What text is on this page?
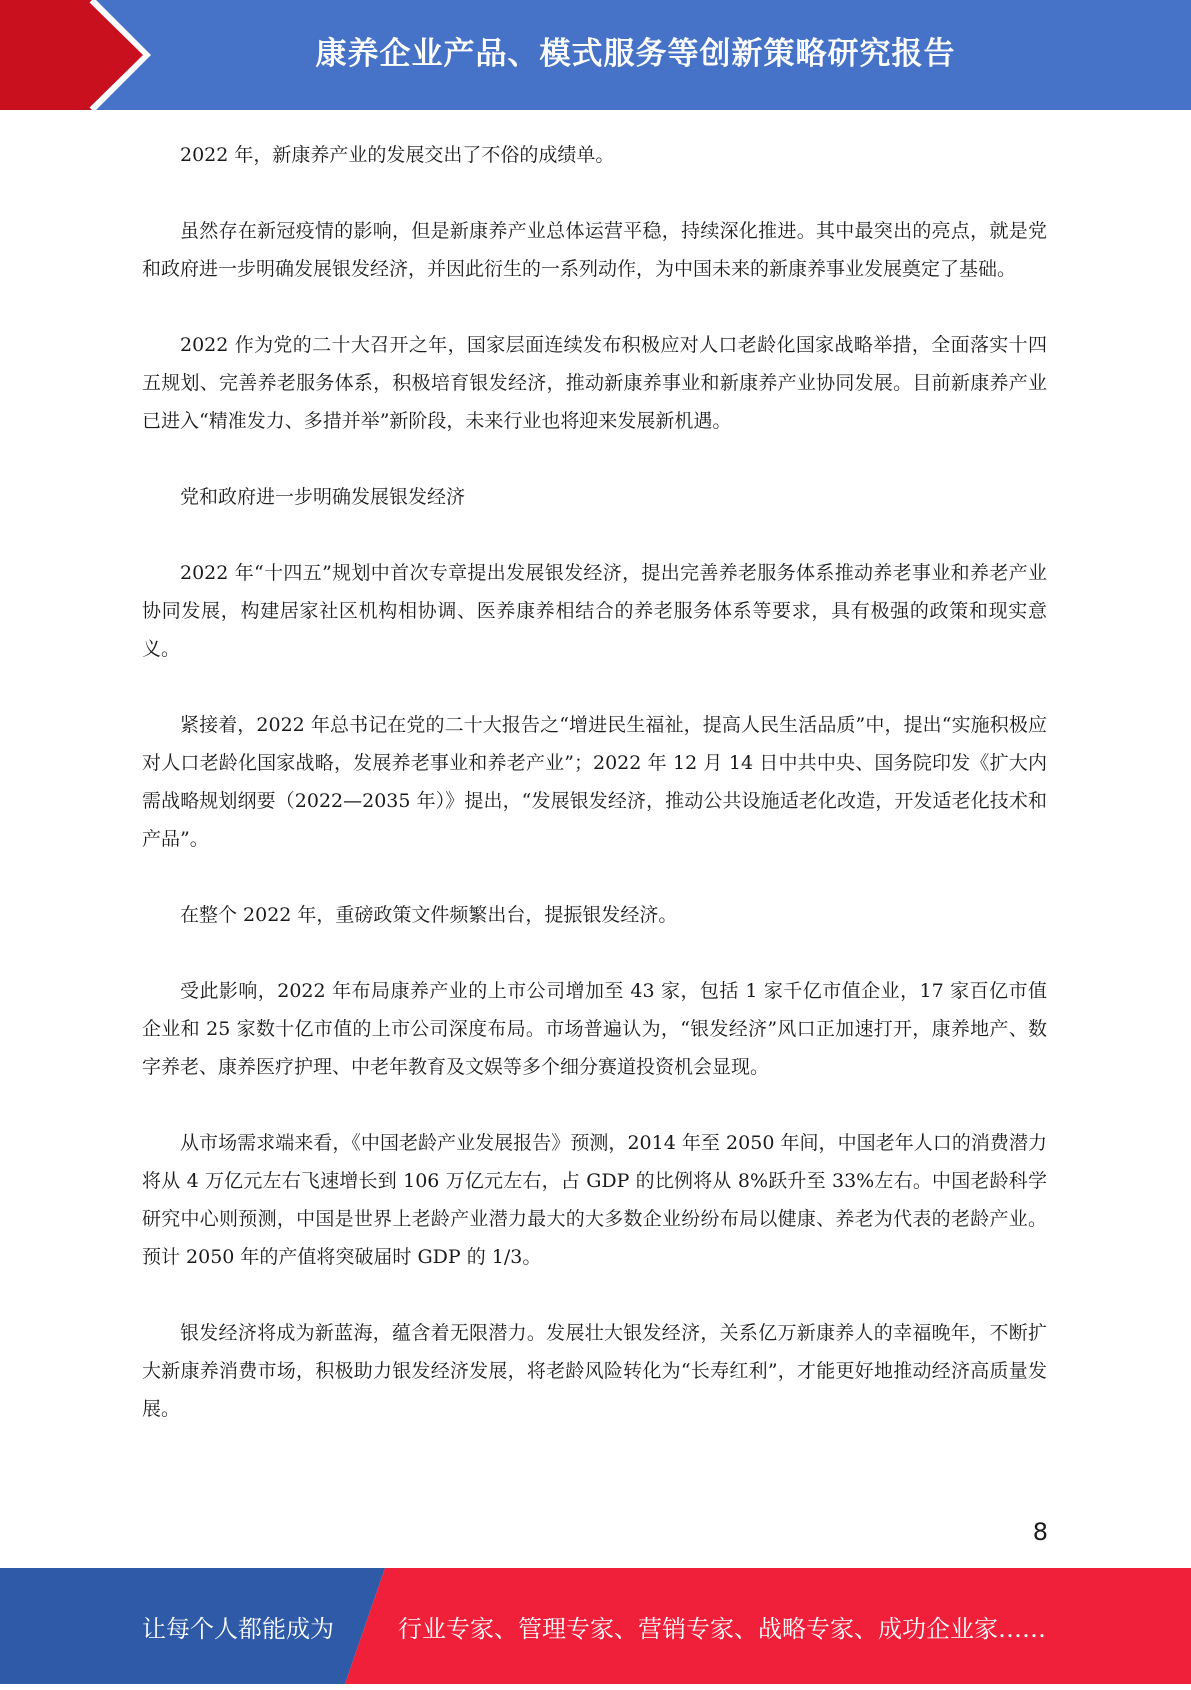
康养企业产品、模式服务等创新策略研究报告

2022 年，新康养产业的发展交出了不俗的成绩单。

虽然存在新冠疫情的影响，但是新康养产业总体运营平稳，持续深化推进。其中最突出的亮点，就是党和政府进一步明确发展银发经济，并因此衍生的一系列动作，为中国未来的新康养事业发展奠定了基础。

2022 作为党的二十大召开之年，国家层面连续发布积极应对人口老龄化国家战略举措，全面落实十四五规划、完善养老服务体系，积极培育银发经济，推动新康养事业和新康养产业协同发展。目前新康养产业已进入“精准发力、多措并举”新阶段，未来行业也将迎来发展新机遇。

党和政府进一步明确发展银发经济

2022 年“十四五”规划中首次专章提出发展银发经济，提出完善养老服务体系推动养老事业和养老产业协同发展，构建居家社区机构相协调、医养康养相结合的养老服务体系等要求，具有极强的政策和现实意义。

紧接着，2022 年总书记在党的二十大报告之“增进民生福祉，提高人民生活品质”中，提出“实施积极应对人口老龄化国家战略，发展养老事业和养老产业”；2022 年 12 月 14 日中共中央、国务院印发《扩大内需战略规划纲要（2022—2035 年）》提出，“发展银发经济，推动公共设施适老化改造，开发适老化技术和产品”。

在整个 2022 年，重磅政策文件频繁出台，提振银发经济。

受此影响，2022 年布局康养产业的上市公司增加至 43 家，包括 1 家千亿市值企业，17 家百亿市值企业和 25 家数十亿市值的上市公司深度布局。市场普遍认为，“银发经济”风口正加速打开，康养地产、数字养老、康养医疗护理、中老年教育及文娱等多个细分赛道投资机会显现。

从市场需求端来看，《中国老龄产业发展报告》预测，2014 年至 2050 年间，中国老年人口的消费潜力将从 4 万亿元左右飞速增长到 106 万亿元左右，占 GDP 的比例将从 8%跃升至 33%左右。中国老龄科学研究中心则预测，中国是世界上老龄产业潜力最大的大多数企业纷纷布局以健康、养老为代表的老龄产业。预计 2050 年的产值将突破届时 GDP 的 1/3。

银发经济将成为新蓝海，蕴含着无限潜力。发展壮大银发经济，关系亿万新康养人的幸福晚年，不断扩大新康养消费市场，积极助力银发经济发展，将老龄风险转化为“长寿红利”，才能更好地推动经济高质量发展。

8
让每个人都能成为	行业专家、管理专家、营销专家、战略专家、成功企业家……
